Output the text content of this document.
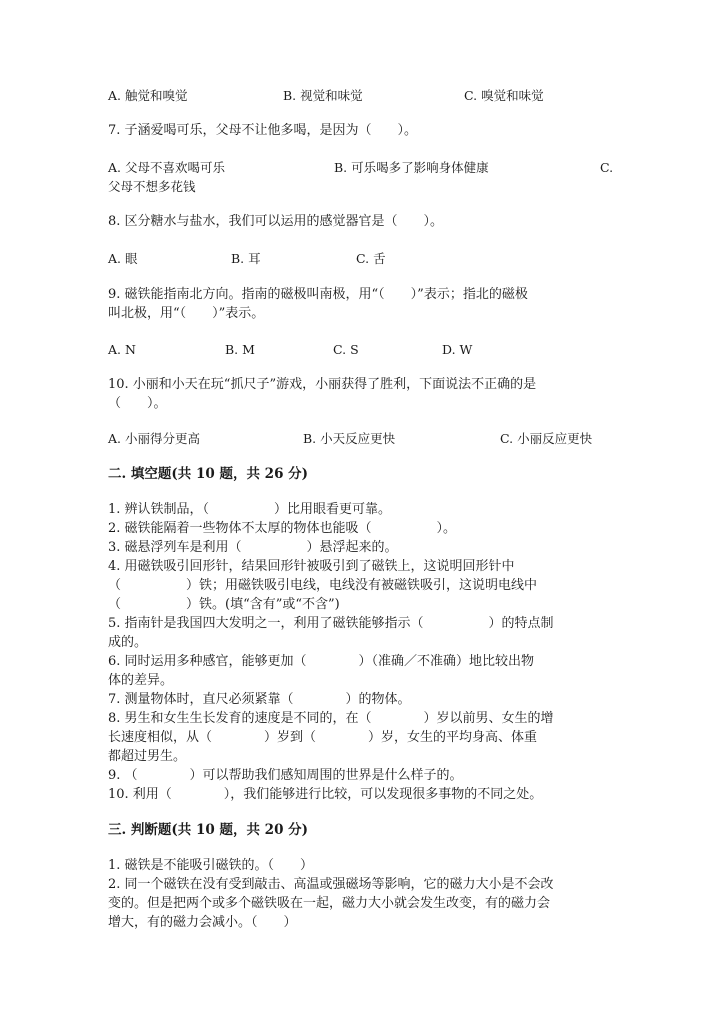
A. 触觉和嗅觉	B. 视觉和味觉	C. 嗅觉和味觉
7. 子涵爱喝可乐，父母不让他多喝，是因为（　　）。
A. 父母不喜欢喝可乐	B. 可乐喝多了影响身体健康	C.
父母不想多花钱
8. 区分糖水与盐水，我们可以运用的感觉器官是（　　）。
A. 眼	B. 耳	C. 舌
9. 磁铁能指南北方向。指南的磁极叫南极，用“（　　）”表示；指北的磁极
叫北极，用“（　　）”表示。
A. N	B. M	C. S	D. W
10. 小丽和小天在玩“抓尺子”游戏，小丽获得了胜利，下面说法不正确的是
（　　）。
A. 小丽得分更高	B. 小天反应更快	C. 小丽反应更快
二. 填空题(共 10 题，共 26 分)
1. 辨认铁制品，（　　　　　）比用眼看更可靠。
2. 磁铁能隔着一些物体不太厚的物体也能吸（　　　　　）。
3. 磁悬浮列车是利用（　　　　　）悬浮起来的。
4. 用磁铁吸引回形针，结果回形针被吸引到了磁铁上，这说明回形针中
（　　　　　）铁；用磁铁吸引电线，电线没有被磁铁吸引，这说明电线中
（　　　　　）铁。(填“含有”或“不含”)
5. 指南针是我国四大发明之一，利用了磁铁能够指示（　　　　　）的特点制
成的。
6. 同时运用多种感官，能够更加（　　　　）（准确／不准确）地比较出物
体的差异。
7. 测量物体时，直尺必须紧靠（　　　　）的物体。
8. 男生和女生生长发育的速度是不同的，在（　　　　）岁以前男、女生的增
长速度相似，从（　　　　）岁到（　　　　）岁，女生的平均身高、体重
都超过男生。
9. （　　　　）可以帮助我们感知周围的世界是什么样子的。
10. 利用（　　　　），我们能够进行比较，可以发现很多事物的不同之处。
三. 判断题(共 10 题，共 20 分)
1. 磁铁是不能吸引磁铁的。（　　）
2. 同一个磁铁在没有受到敲击、高温或强磁场等影响，它的磁力大小是不会改
变的。但是把两个或多个磁铁吸在一起，磁力大小就会发生改变，有的磁力会
增大，有的磁力会减小。（　　）
